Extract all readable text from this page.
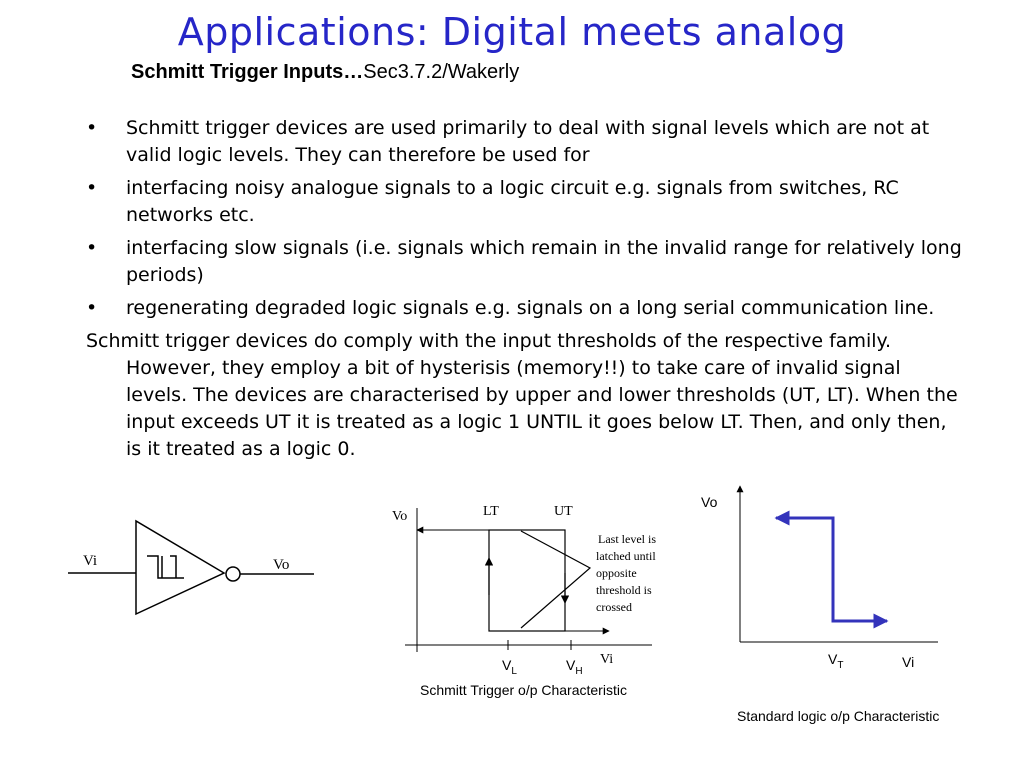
Applications: Digital meets analog
Schmitt Trigger Inputs…Sec3.7.2/Wakerly
• Schmitt trigger devices are used primarily to deal with signal levels which are not at valid logic levels. They can therefore be used for
• interfacing noisy analogue signals to a logic circuit e.g. signals from switches, RC networks etc.
• interfacing slow signals (i.e. signals which remain in the invalid range for relatively long periods)
• regenerating degraded logic signals e.g. signals on a long serial communication line.
Schmitt trigger devices do comply with the input thresholds of the respective family. However, they employ a bit of hysterisis (memory!!) to take care of invalid signal levels. The devices are characterised by upper and lower thresholds (UT, LT). When the input exceeds UT it is treated as a logic 1 UNTIL it goes below LT. Then, and only then, is it treated as a logic 0.
Vi	Vo
Vo	LT	UT
Last level is
latched until
opposite
threshold is
crossed
Vi
$V_L$	$V_H$
Schmitt Trigger o/p Characteristic
Vo
$V_T$	Vi
Standard logic o/p Characteristic
